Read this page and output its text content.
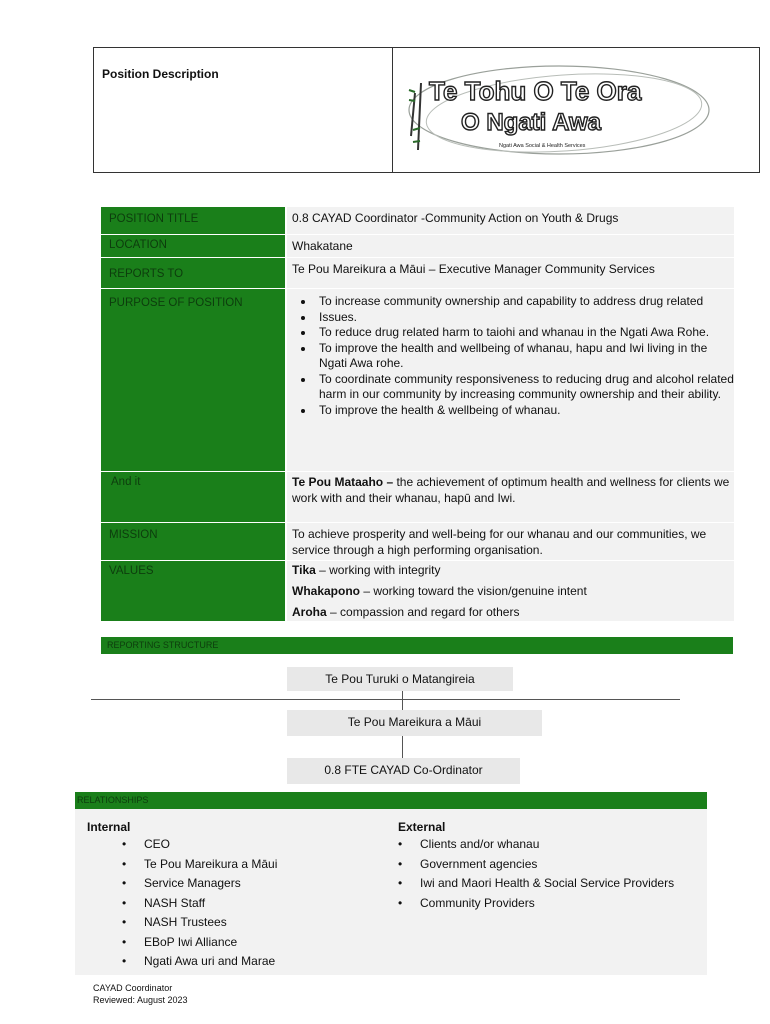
Position Description
Te Tohu O Te Ora
O Ngati Awa
Ngati Awa Social & Health Services
POSITION TITLE	0.8 CAYAD Coordinator -Community Action on Youth & Drugs
LOCATION	Whakatane
REPORTS TO	Te Pou Mareikura a Māui – Executive Manager Community Services
PURPOSE OF POSITION
•	To increase community ownership and capability to address drug related
• Issues.
• To reduce drug related harm to taiohi and whanau in the Ngati Awa Rohe.
• To improve the health and wellbeing of whanau, hapu and Iwi living in the Ngati Awa rohe.
• To coordinate community responsiveness to reducing drug and alcohol related harm in our community by increasing community ownership and their ability.
• To improve the health & wellbeing of whanau.
And it	Te Pou Mataaho – the achievement of optimum health and wellness for clients we
work with and their whanau, hapū and Iwi.
MISSION	To achieve prosperity and well-being for our whanau and our communities, we service through a high performing organisation.
VALUES	Tika – working with integrity
Whakapono – working toward the vision/genuine intent
Aroha – compassion and regard for others
REPORTING STRUCTURE
Te Pou Turuki o Matangireia
Te Pou Mareikura a Māui
0.8 FTE CAYAD Co-Ordinator
RELATIONSHIPS
Internal
• CEO
• Te Pou Mareikura a Māui
• Service Managers
• NASH Staff
• NASH Trustees
• EBoP Iwi Alliance
• Ngati Awa uri and Marae
External
• Clients and/or whanau
• Government agencies
• Iwi and Maori Health & Social Service Providers
• Community Providers
CAYAD Coordinator
Reviewed: August 2023
